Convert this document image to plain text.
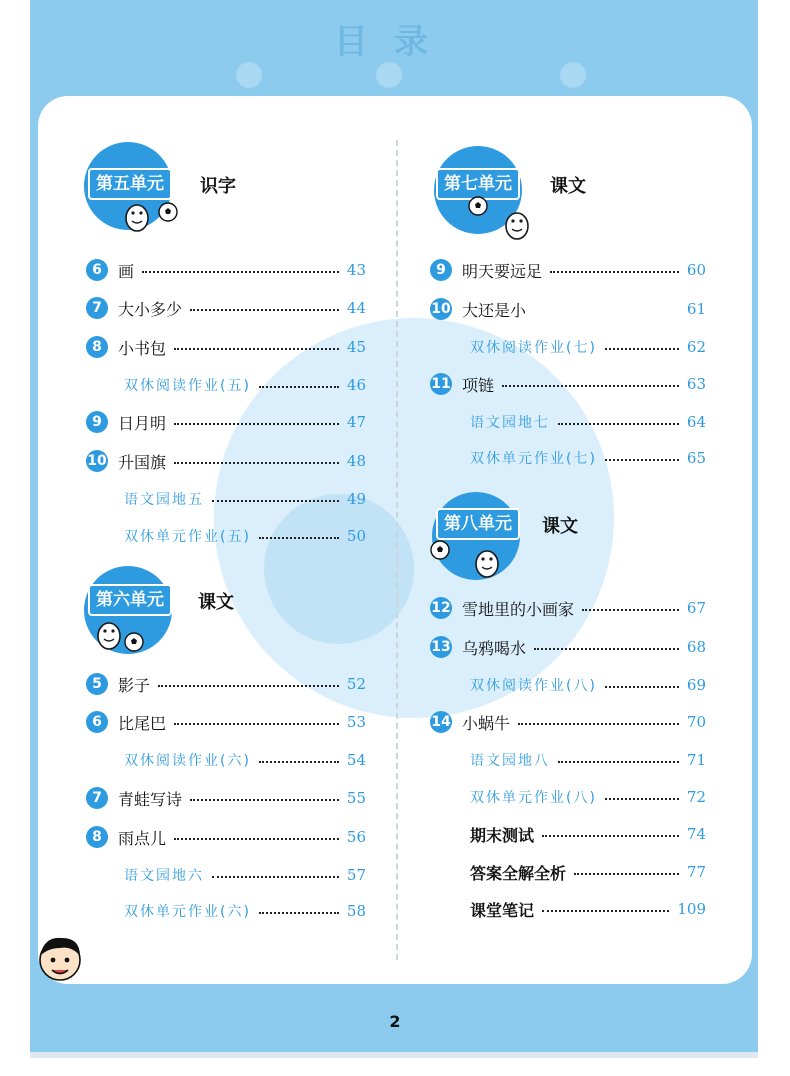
目录
第五单元	识字
第六单元	课文
第七单元	课文
第八单元	课文
6	画	43
7	大小多少	44
8	小书包	45
双休阅读作业(五)	46
9	日月明	47
10 升国旗	48
语文园地五	49
双休单元作业(五)	50
5	影子	52
6	比尾巴	53
双休阅读作业(六)	54
7	青蛙写诗	55
8	雨点儿	56
语文园地六	57
双休单元作业(六)	58
9	明天要远足	60
10 大还是小	61
双休阅读作业(七)	62
11 项链	63
语文园地七	64
双休单元作业(七)	65
12 雪地里的小画家	67
13 乌鸦喝水	68
双休阅读作业(八)	69
14 小蜗牛	70
语文园地八	71
双休单元作业(八)	72
期末测试	74
答案全解全析	77
课堂笔记	109
2
